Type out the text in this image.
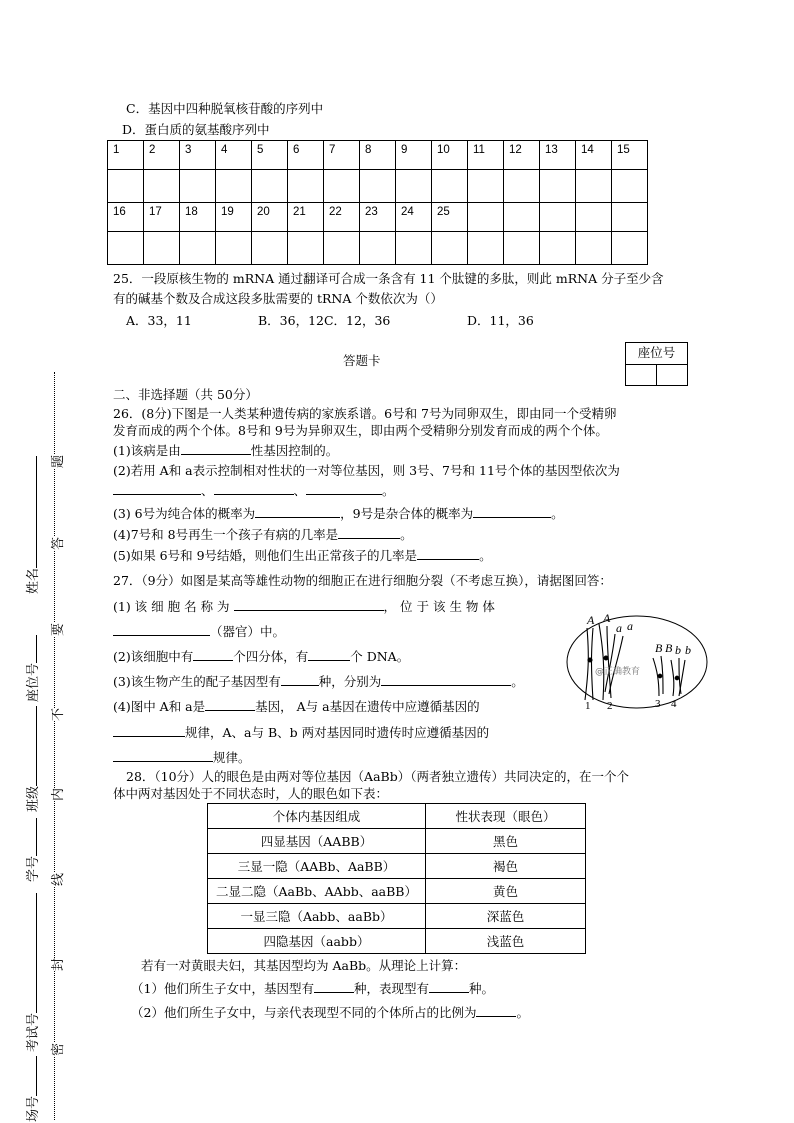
C．基因中四种脱氧核苷酸的序列中
D．蛋白质的氨基酸序列中
1	2	3	4	5	6	7	8	9	10	11	12	13	14	15

16	17	18	19	20	21	22	23	24	25					

25．一段原核生物的 mRNA 通过翻译可合成一条含有 11 个肽键的多肽，则此 mRNA 分子至少含
有的碱基个数及合成这段多肽需要的 tRNA 个数依次为（）
A．33，11	B．36，12C．12，36	D．11，36
答题卡
座位号
二、非选择题（共 50分）
26．(8分)下图是一人类某种遗传病的家族系谱。6号和 7号为同卵双生，即由同一个受精卵
发育而成的两个个体。8号和 9号为异卵双生，即由两个受精卵分别发育而成的两个个体。
(1)该病是由	性基因控制的。
(2)若用 A和 a表示控制相对性状的一对等位基因，则 3号、7号和 11号个体的基因型依次为
、	、	。
(3) 6号为纯合体的概率为	，9号是杂合体的概率为	。
(4)7号和 8号再生一个孩子有病的几率是	。
(5)如果 6号和 9号结婚，则他们生出正常孩子的几率是	。
27．（9分）如图是某高等雄性动物的细胞正在进行细胞分裂（不考虑互换），请据图回答：
(1) 该 细 胞 名 称 为	， 位 于 该 生 物 体
（器官）中。
(2)该细胞中有	个四分体，有	个 DNA。
(3)该生物产生的配子基因型有	种，分别为	。
(4)图中 A和 a是	基因， A与 a基因在遗传中应遵循基因的
规律，A、a与 B、b 两对基因同时遗传时应遵循基因的
规律。
A A
a a
B B b b
1 2	3 4
@正确教育
28．（10分）人的眼色是由两对等位基因（AaBb）（两者独立遗传）共同决定的，在一个个
体中两对基因处于不同状态时，人的眼色如下表：
个体内基因组成	性状表现（眼色）
四显基因（AABB）	黑色
三显一隐（AABb、AaBB）	褐色
二显二隐（AaBb、AAbb、aaBB）	黄色
一显三隐（Aabb、aaBb）	深蓝色
四隐基因（aabb）	浅蓝色
若有一对黄眼夫妇，其基因型均为 AaBb。从理论上计算：
（1）他们所生子女中，基因型有	种，表现型有	种。
（2）他们所生子女中，与亲代表现型不同的个体所占的比例为	。
题
答
要
不
内
线
封
密
姓名
座位号
班级
学号
考试号
场号
